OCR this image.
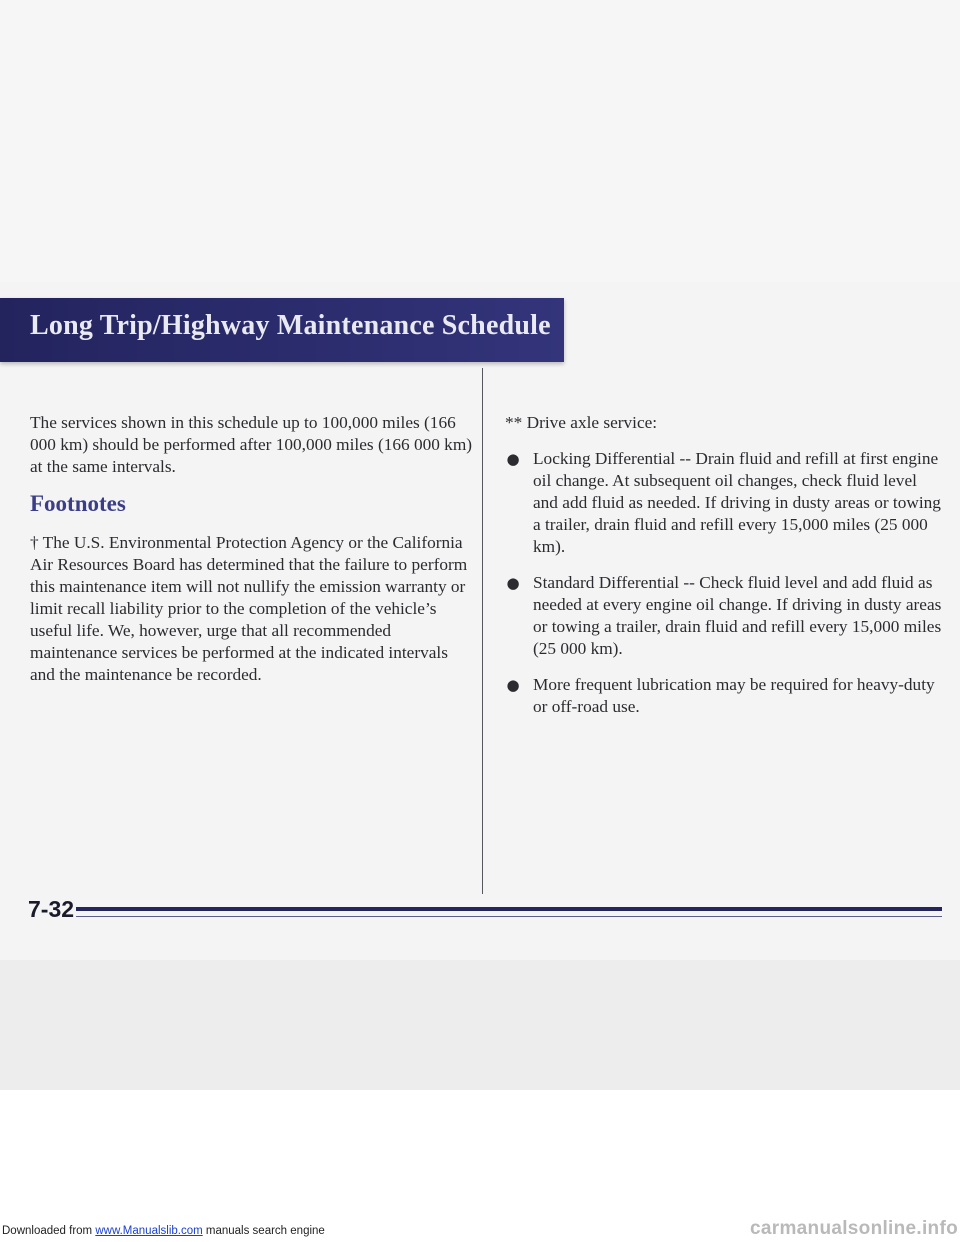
Long Trip/Highway Maintenance Schedule

The services shown in this schedule up to 100,000 miles (166 000 km) should be performed after 100,000 miles (166 000 km) at the same intervals.

Footnotes

† The U.S. Environmental Protection Agency or the California Air Resources Board has determined that the failure to perform this maintenance item will not nullify the emission warranty or limit recall liability prior to the completion of the vehicle’s useful life. We, however, urge that all recommended maintenance services be performed at the indicated intervals and the maintenance be recorded.

** Drive axle service:

● Locking Differential -- Drain fluid and refill at first engine oil change. At subsequent oil changes, check fluid level and add fluid as needed. If driving in dusty areas or towing a trailer, drain fluid and refill every 15,000 miles (25 000 km).
● Standard Differential -- Check fluid level and add fluid as needed at every engine oil change. If driving in dusty areas or towing a trailer, drain fluid and refill every 15,000 miles (25 000 km).
● More frequent lubrication may be required for heavy-duty or off-road use.
7-32
Downloaded from www.Manualslib.com manuals search engine	carmanualsonline.info
